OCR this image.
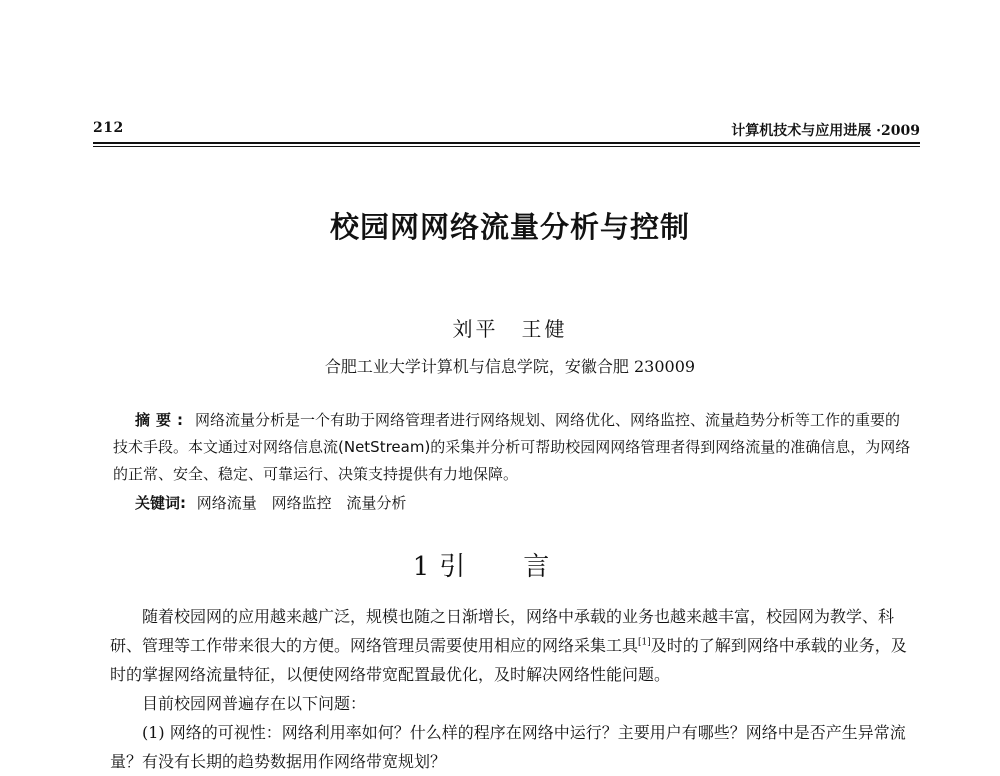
212	计算机技术与应用进展 ·2009
校园网网络流量分析与控制
刘平　王健
合肥工业大学计算机与信息学院，安徽合肥 230009
摘要: 网络流量分析是一个有助于网络管理者进行网络规划、网络优化、网络监控、流量趋势分析等工作的重要的技术手段。本文通过对网络信息流(NetStream)的采集并分析可帮助校园网网络管理者得到网络流量的准确信息，为网络的正常、安全、稳定、可靠运行、决策支持提供有力地保障。
关键词: 网络流量 网络监控 流量分析
1 引言

随着校园网的应用越来越广泛，规模也随之日渐增长，网络中承载的业务也越来越丰富，校园网为教学、科研、管理等工作带来很大的方便。网络管理员需要使用相应的网络采集工具[1]及时的了解到网络中承载的业务，及时的掌握网络流量特征，以便使网络带宽配置最优化，及时解决网络性能问题。

目前校园网普遍存在以下问题：

(1) 网络的可视性：网络利用率如何？什么样的程序在网络中运行？主要用户有哪些？网络中是否产生异常流量？有没有长期的趋势数据用作网络带宽规划？
